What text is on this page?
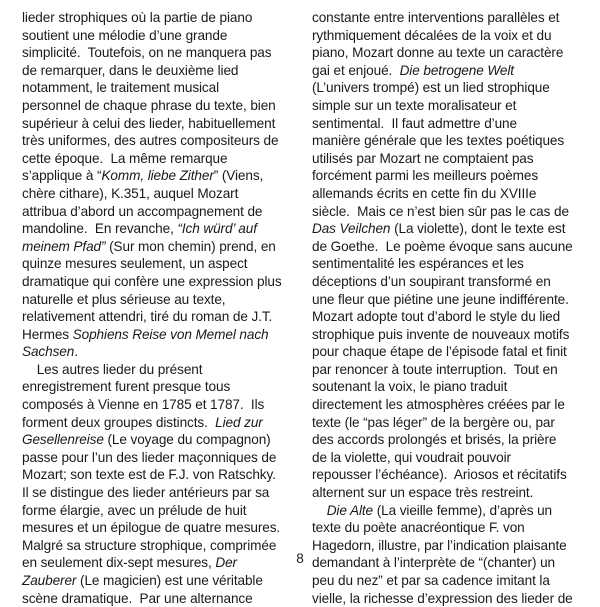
lieder strophiques où la partie de piano
soutient une mélodie d’une grande
simplicité.  Toutefois, on ne manquera pas
de remarquer, dans le deuxième lied
notamment, le traitement musical
personnel de chaque phrase du texte, bien
supérieur à celui des lieder, habituellement
très uniformes, des autres compositeurs de
cette époque.  La même remarque
s’applique à “Komm, liebe Zither” (Viens,
chère cithare), K.351, auquel Mozart
attribua d’abord un accompagnement de
mandoline.  En revanche, “Ich würd’ auf
meinem Pfad” (Sur mon chemin) prend, en
quinze mesures seulement, un aspect
dramatique qui confère une expression plus
naturelle et plus sérieuse au texte,
relativement attendri, tiré du roman de J.T.
Hermes Sophiens Reise von Memel nach
Sachsen.
Les autres lieder du présent
enregistrement furent presque tous
composés à Vienne en 1785 et 1787.  Ils
forment deux groupes distincts.  Lied zur
Gesellenreise (Le voyage du compagnon)
passe pour l’un des lieder maçonniques de
Mozart; son texte est de F.J. von Ratschky.
Il se distingue des lieder antérieurs par sa
forme élargie, avec un prélude de huit
mesures et un épilogue de quatre mesures.
Malgré sa structure strophique, comprimée
en seulement dix-sept mesures, Der
Zauberer (Le magicien) est une véritable
scène dramatique.  Par une alternance
constante entre interventions parallèles et
rythmiquement décalées de la voix et du
piano, Mozart donne au texte un caractère
gai et enjoué.  Die betrogene Welt
(L’univers trompé) est un lied strophique
simple sur un texte moralisateur et
sentimental.  Il faut admettre d’une
manière générale que les textes poétiques
utilisés par Mozart ne comptaient pas
forcément parmi les meilleurs poèmes
allemands écrits en cette fin du XVIIIe
siècle.  Mais ce n’est bien sûr pas le cas de
Das Veilchen (La violette), dont le texte est
de Goethe.  Le poème évoque sans aucune
sentimentalité les espérances et les
déceptions d’un soupirant transformé en
une fleur que piétine une jeune indifférente.
Mozart adopte tout d’abord le style du lied
strophique puis invente de nouveaux motifs
pour chaque étape de l’épisode fatal et finit
par renoncer à toute interruption.  Tout en
soutenant la voix, le piano traduit
directement les atmosphères créées par le
texte (le “pas léger” de la bergère ou, par
des accords prolongés et brisés, la prière
de la violette, qui voudrait pouvoir
repousser l’échéance).  Ariosos et récitatifs
alternent sur un espace très restreint.
Die Alte (La vieille femme), d’après un
texte du poète anacréontique F. von
Hagedorn, illustre, par l’indication plaisante
demandant à l’interprète de “(chanter) un
peu du nez” et par sa cadence imitant la
vielle, la richesse d’expression des lieder de
8
